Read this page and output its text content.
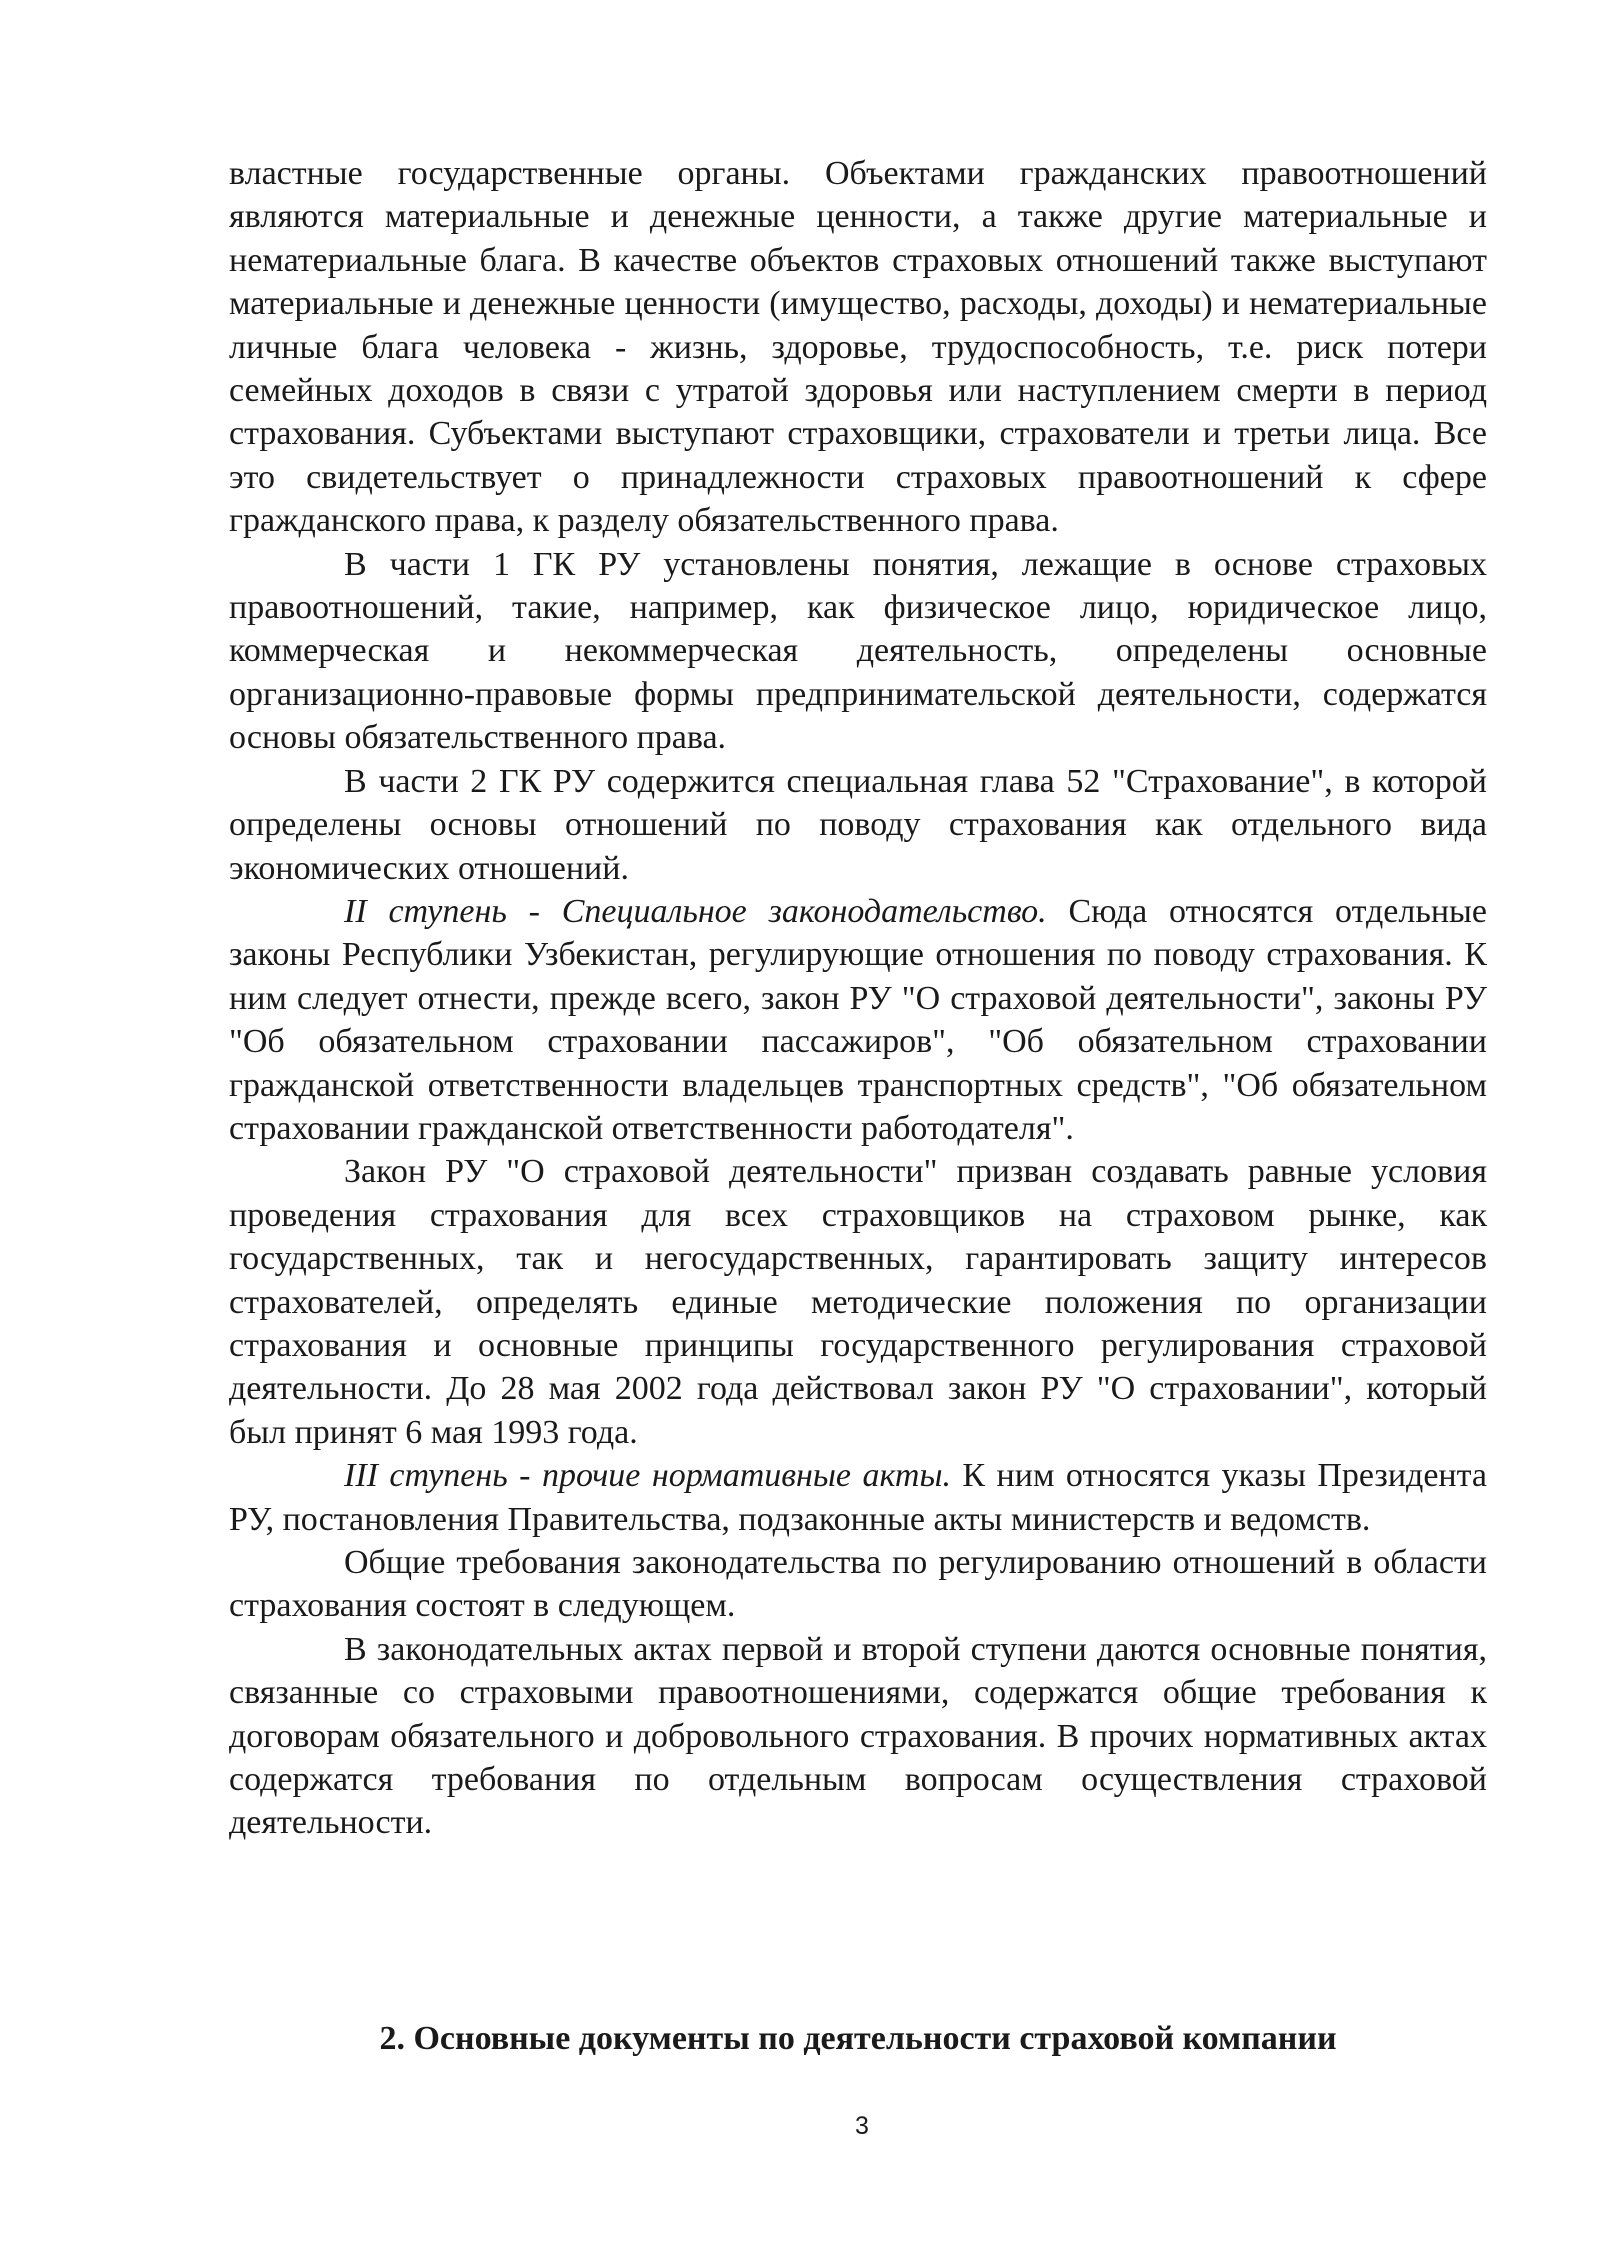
властные государственные органы. Объектами гражданских правоотношений являются материальные и денежные ценности, а также другие материальные и нематериальные блага. В качестве объектов страховых отношений также выступают материальные и денежные ценности (имущество, расходы, доходы) и нематериальные личные блага человека - жизнь, здоровье, трудоспособность, т.е. риск потери семейных доходов в связи с утратой здоровья или наступлением смерти в период страхования. Субъектами выступают страховщики, страхователи и третьи лица. Все это свидетельствует о принадлежности страховых правоотношений к сфере гражданского права, к разделу обязательственного права.

В части 1 ГК РУ установлены понятия, лежащие в основе страховых правоотношений, такие, например, как физическое лицо, юридическое лицо, коммерческая и некоммерческая деятельность, определены основные организационно-правовые формы предпринимательской деятельности, содержатся основы обязательственного права.

В части 2 ГК РУ содержится специальная глава 52 "Страхование", в которой определены основы отношений по поводу страхования как отдельного вида экономических отношений.

II ступень - Специальное законодательство. Сюда относятся отдельные законы Республики Узбекистан, регулирующие отношения по поводу страхования. К ним следует отнести, прежде всего, закон РУ "О страховой деятельности", законы РУ "Об обязательном страховании пассажиров", "Об обязательном страховании гражданской ответственности владельцев транспортных средств", "Об обязательном страховании гражданской ответственности работодателя".

Закон РУ "О страховой деятельности" призван создавать равные условия проведения страхования для всех страховщиков на страховом рынке, как государственных, так и негосударственных, гарантировать защиту интересов страхователей, определять единые методические положения по организации страхования и основные принципы государственного регулирования страховой деятельности. До 28 мая 2002 года действовал закон РУ "О страховании", который был принят 6 мая 1993 года.

III ступень - прочие нормативные акты. К ним относятся указы Президента РУ, постановления Правительства, подзаконные акты министерств и ведомств.

Общие требования законодательства по регулированию отношений в области страхования состоят в следующем.

В законодательных актах первой и второй ступени даются основные понятия, связанные со страховыми правоотношениями, содержатся общие требования к договорам обязательного и добровольного страхования. В прочих нормативных актах содержатся требования по отдельным вопросам осуществления страховой деятельности.

2. Основные документы по деятельности страховой компании
3
